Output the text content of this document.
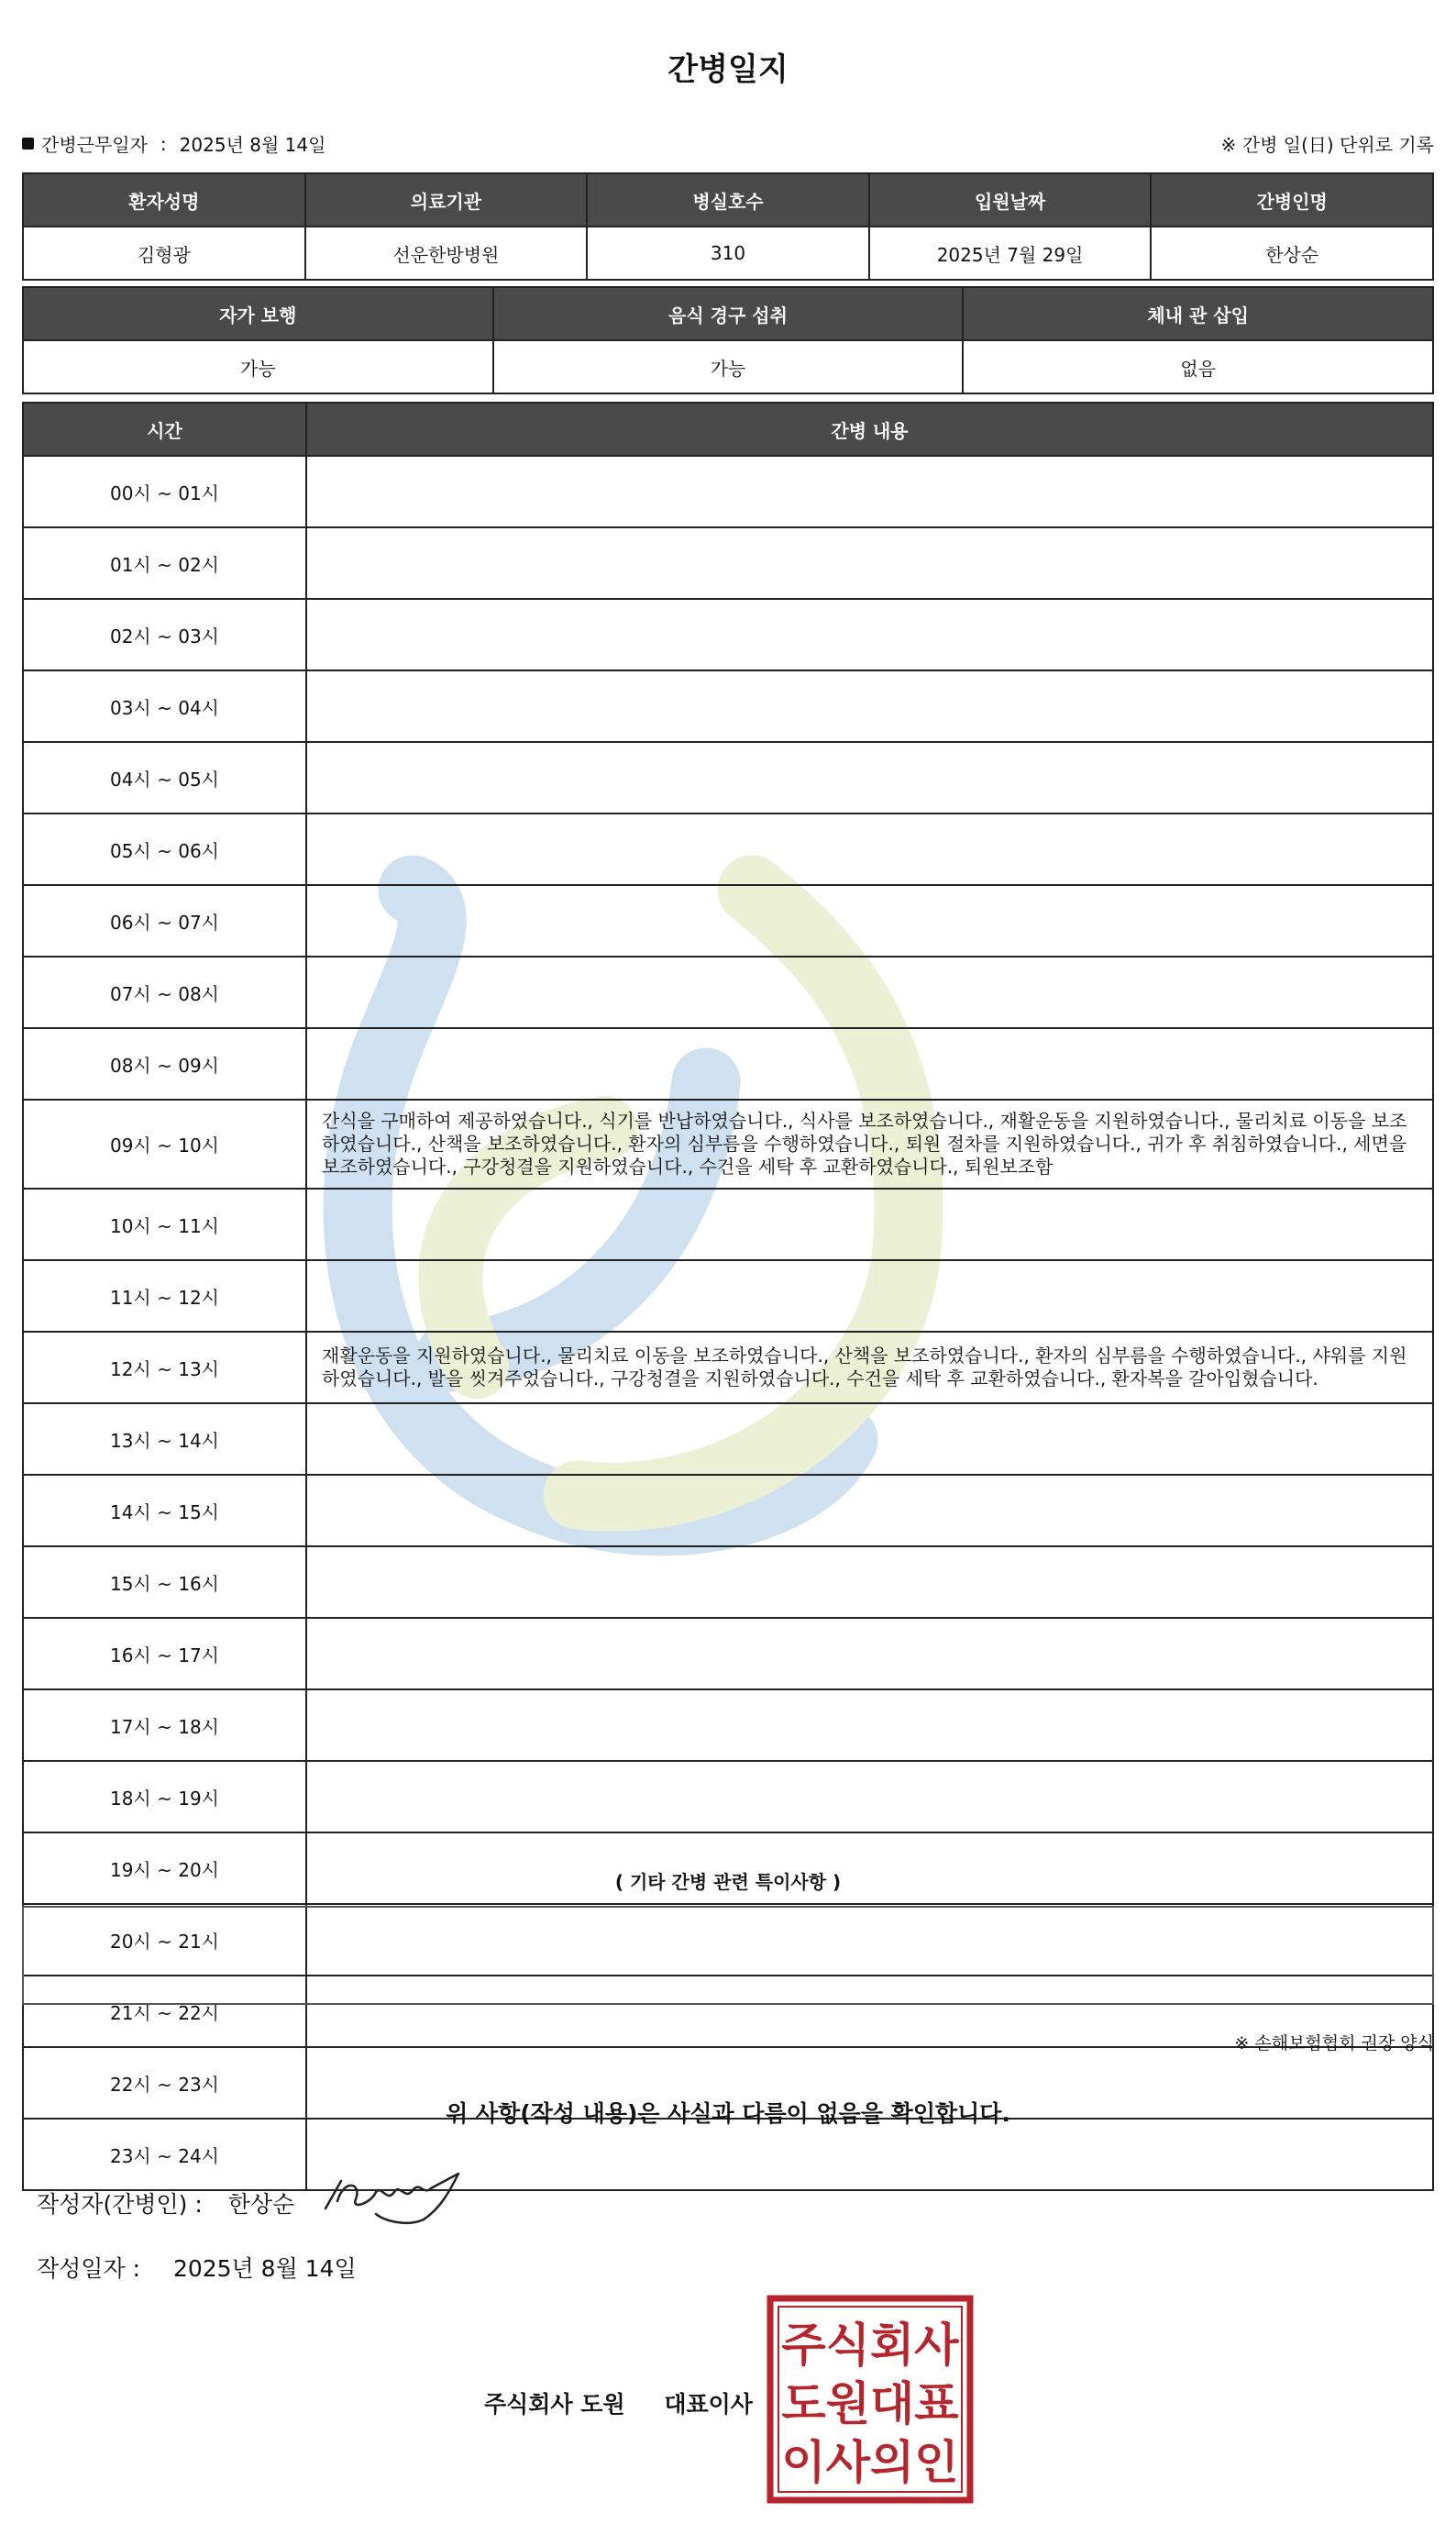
간병일지
간병근무일자 : 2025년 8월 14일	※ 간병 일(日) 단위로 기록
환자성명	의료기관	병실호수	입원날짜	간병인명
김형광	선운한방병원	310	2025년 7월 29일	한상순
자가 보행	음식 경구 섭취	체내 관 삽입
가능	가능	없음
시간	간병 내용
00시 ~ 01시	
01시 ~ 02시	
02시 ~ 03시	
03시 ~ 04시	
04시 ~ 05시	
05시 ~ 06시	
06시 ~ 07시	
07시 ~ 08시	
08시 ~ 09시	
09시 ~ 10시	간식을 구매하여 제공하였습니다., 식기를 반납하였습니다., 식사를 보조하였습니다., 재활운동을 지원하였습니다., 물리치료 이동을 보조하였습니다., 산책을 보조하였습니다., 환자의 심부름을 수행하였습니다., 퇴원 절차를 지원하였습니다., 귀가 후 취침하였습니다., 세면을 보조하였습니다., 구강청결을 지원하였습니다., 수건을 세탁 후 교환하였습니다., 퇴원보조함
10시 ~ 11시	
11시 ~ 12시	
12시 ~ 13시	재활운동을 지원하였습니다., 물리치료 이동을 보조하였습니다., 산책을 보조하였습니다., 환자의 심부름을 수행하였습니다., 샤워를 지원하였습니다., 발을 씻겨주었습니다., 구강청결을 지원하였습니다., 수건을 세탁 후 교환하였습니다., 환자복을 갈아입혔습니다.
13시 ~ 14시	
14시 ~ 15시	
15시 ~ 16시	
16시 ~ 17시	
17시 ~ 18시	
18시 ~ 19시	
19시 ~ 20시	
20시 ~ 21시	
21시 ~ 22시	
22시 ~ 23시	
23시 ~ 24시	
( 기타 간병 관련 특이사항 )
※ 손해보험협회 권장 양식
위 사항(작성 내용)은 사실과 다름이 없음을 확인합니다.
작성자(간병인) : 한상순
작성일자 : 2025년 8월 14일
주식회사 도원 대표이사
주식회사
도원대표
이사의인
